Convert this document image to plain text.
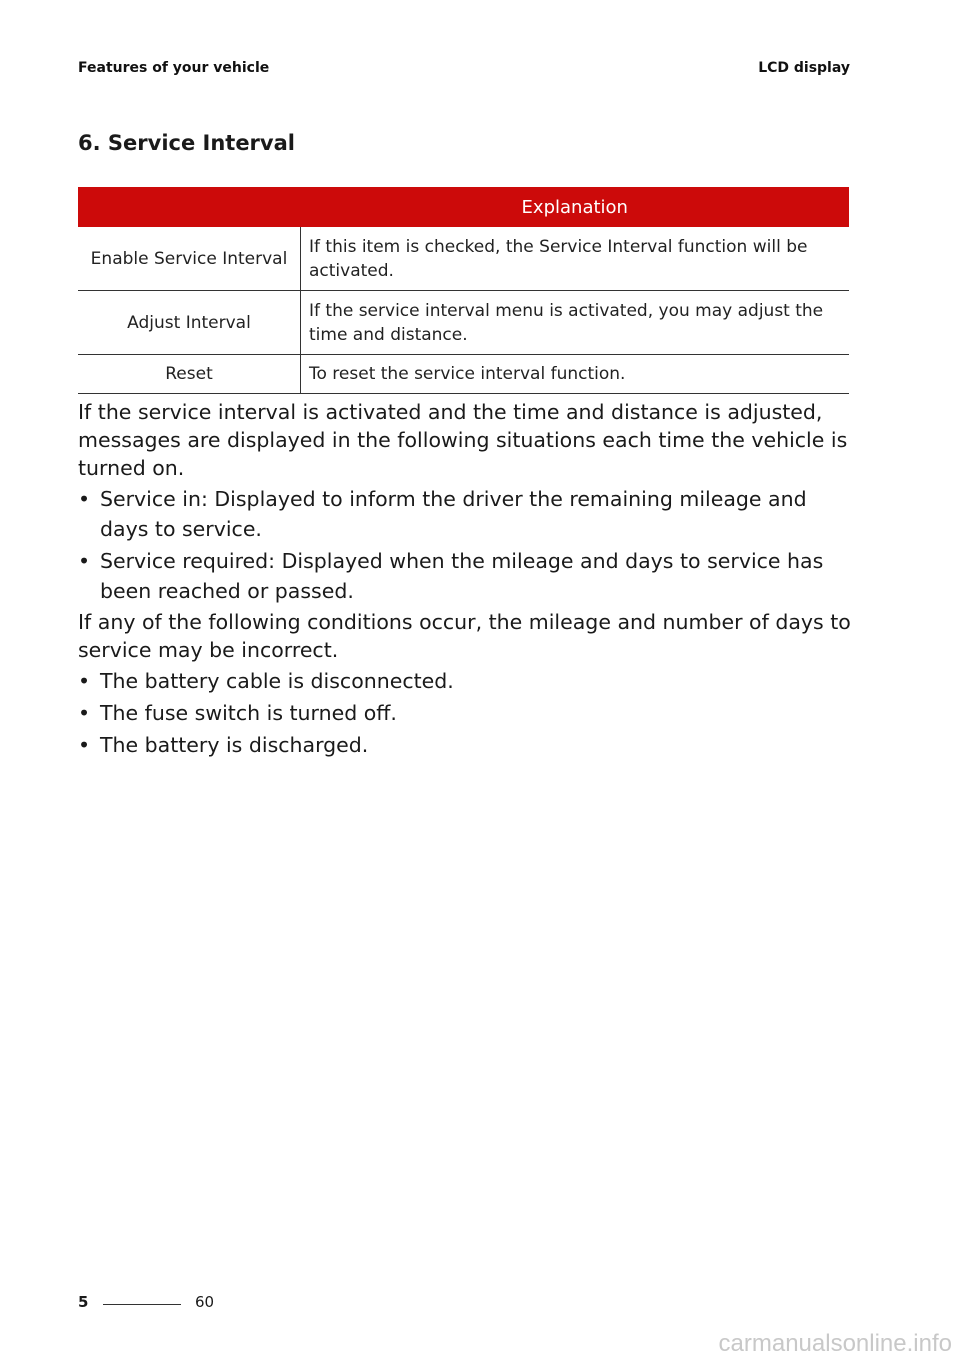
Features of your vehicle	LCD display
6. Service Interval
	Explanation
Enable Service Interval	If this item is checked, the Service Interval function will be activated.
Adjust Interval	If the service interval menu is activated, you may adjust the time and distance.
Reset	To reset the service interval function.

If the service interval is activated and the time and distance is adjusted, messages are displayed in the following situations each time the vehicle is turned on.

• Service in: Displayed to inform the driver the remaining mileage and days to service.
• Service required: Displayed when the mileage and days to service has been reached or passed.

If any of the following conditions occur, the mileage and number of days to service may be incorrect.

• The battery cable is disconnected.
• The fuse switch is turned off.
• The battery is discharged.
5	60
carmanualsonline.info
